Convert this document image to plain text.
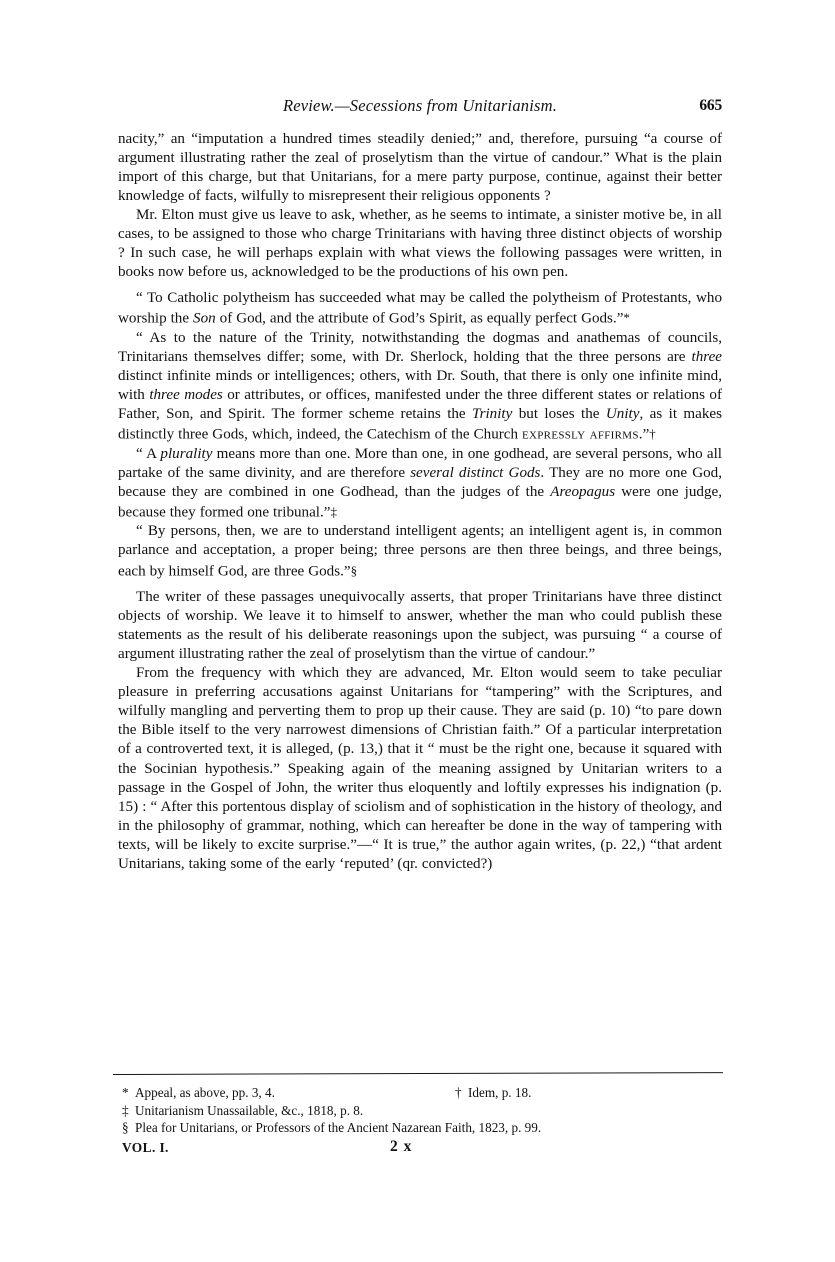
Review.—Secessions from Unitarianism.	665

nacity,” an “imputation a hundred times steadily denied;” and, therefore, pursuing “a course of argument illustrating rather the zeal of proselytism than the virtue of candour.” What is the plain import of this charge, but that Unitarians, for a mere party purpose, continue, against their better knowledge of facts, wilfully to misrepresent their religious opponents ?

Mr. Elton must give us leave to ask, whether, as he seems to intimate, a sinister motive be, in all cases, to be assigned to those who charge Trinitarians with having three distinct objects of worship ? In such case, he will perhaps explain with what views the following passages were written, in books now before us, acknowledged to be the productions of his own pen.

“ To Catholic polytheism has succeeded what may be called the polytheism of Protestants, who worship the Son of God, and the attribute of God’s Spirit, as equally perfect Gods.”*

“ As to the nature of the Trinity, notwithstanding the dogmas and anathemas of councils, Trinitarians themselves differ; some, with Dr. Sherlock, holding that the three persons are three distinct infinite minds or intelligences; others, with Dr. South, that there is only one infinite mind, with three modes or attributes, or offices, manifested under the three different states or relations of Father, Son, and Spirit. The former scheme retains the Trinity but loses the Unity, as it makes distinctly three Gods, which, indeed, the Catechism of the Church expressly affirms.”†

“ A plurality means more than one. More than one, in one godhead, are several persons, who all partake of the same divinity, and are therefore several distinct Gods. They are no more one God, because they are combined in one Godhead, than the judges of the Areopagus were one judge, because they formed one tribunal.”‡

“ By persons, then, we are to understand intelligent agents; an intelligent agent is, in common parlance and acceptation, a proper being; three persons are then three beings, and three beings, each by himself God, are three Gods.”§

The writer of these passages unequivocally asserts, that proper Trinitarians have three distinct objects of worship. We leave it to himself to answer, whether the man who could publish these statements as the result of his deliberate reasonings upon the subject, was pursuing “ a course of argument illustrating rather the zeal of proselytism than the virtue of candour.”

From the frequency with which they are advanced, Mr. Elton would seem to take peculiar pleasure in preferring accusations against Unitarians for “tampering” with the Scriptures, and wilfully mangling and perverting them to prop up their cause. They are said (p. 10) “to pare down the Bible itself to the very narrowest dimensions of Christian faith.” Of a particular interpretation of a controverted text, it is alleged, (p. 13,) that it “ must be the right one, because it squared with the Socinian hypothesis.” Speaking again of the meaning assigned by Unitarian writers to a passage in the Gospel of John, the writer thus eloquently and loftily expresses his indignation (p. 15) : “ After this portentous display of sciolism and of sophistication in the history of theology, and in the philosophy of grammar, nothing, which can hereafter be done in the way of tampering with texts, will be likely to excite surprise.”—“ It is true,” the author again writes, (p. 22,) “that ardent Unitarians, taking some of the early ‘reputed’ (qr. convicted?)

* Appeal, as above, pp. 3, 4.	† Idem, p. 18.
‡ Unitarianism Unassailable, &c., 1818, p. 8.
§ Plea for Unitarians, or Professors of the Ancient Nazarean Faith, 1823, p. 99.
VOL. I.	2 x
